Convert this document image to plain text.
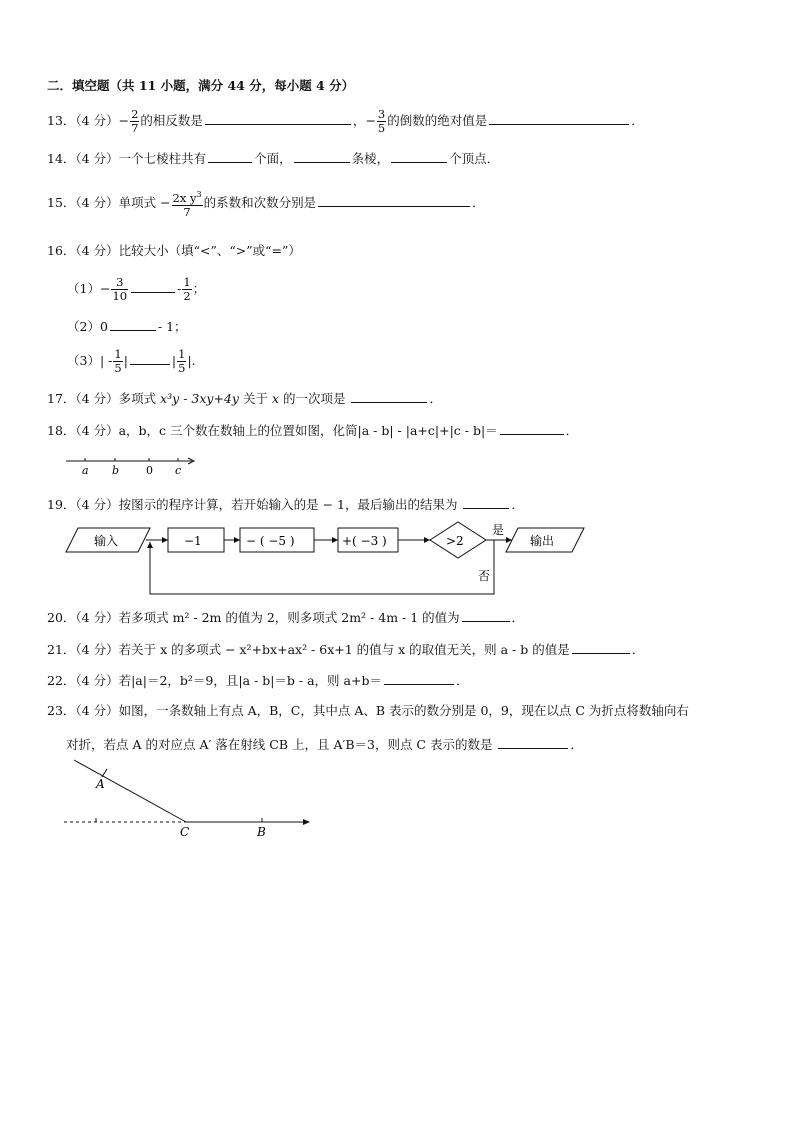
二．填空题（共 11 小题，满分 44 分，每小题 4 分）
13．（4 分）− $\frac{2}{7}$ 的相反数是	，− $\frac{3}{5}$ 的倒数的绝对值是	．
14．（4 分）一个七棱柱共有	个面，	条棱，	个顶点．
15．（4 分）单项式 − $\frac{2x y^3}{7}$ 的系数和次数分别是	．
16．（4 分）比较大小（填“<”、“>”或“=”）
$(1)- \frac{3}{10}$	- $\frac{1}{2}$ ；
（2）0	- 1；
$(3)| - \frac{1}{5}$ |	| $\frac{1}{5}$ |.
17．（4 分）多项式 x³y - 3xy+4y 关于 x 的一次项是	．
18．（4 分）a，b，c 三个数在数轴上的位置如图，化简|a - b| - |a+c|+|c - b|＝	．
a b 0 c
19．（4 分）按图示的程序计算，若开始输入的是 − 1，最后输出的结果为	．
输入	−1	− ( −5 )	+( −3 )	>2
是
输出
否
20．（4 分）若多项式 m² - 2m 的值为 2，则多项式 2m² - 4m - 1 的值为	．
21．（4 分）若关于 x 的多项式 − x²+bx+ax² - 6x+1 的值与 x 的取值无关，则 a - b 的值是	．
22．（4 分）若|a|＝2，b²＝9，且|a - b|＝b - a，则 a+b＝	．
23．（4 分）如图，一条数轴上有点 A，B，C，其中点 A、B 表示的数分别是 0，9，现在以点 C 为折点将数轴向右
对折，若点 A 的对应点 A′ 落在射线 CB 上，且 A′B＝3，则点 C 表示的数是	．
A
C	B
